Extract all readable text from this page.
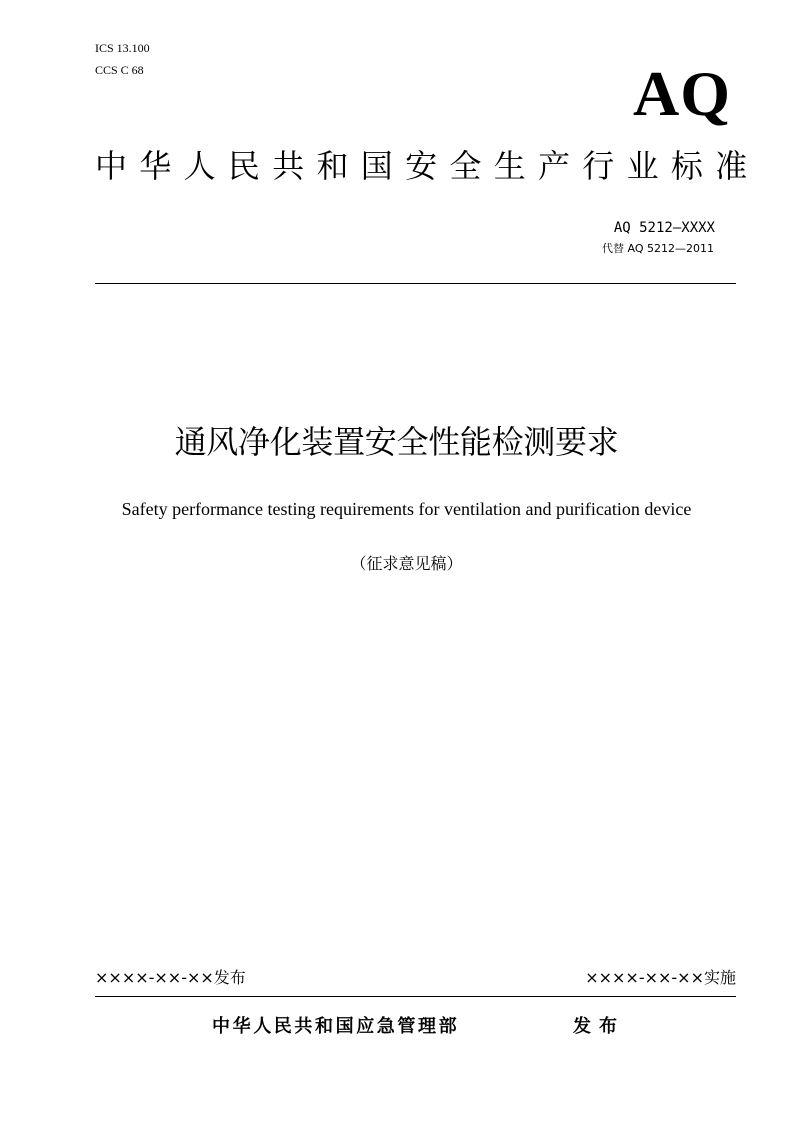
ICS 13.100
CCS C 68	AQ
中华人民共和国安全生产行业标准
AQ 5212—XXXX
代替 AQ 5212—2011
通风净化装置安全性能检测要求
Safety performance testing requirements for ventilation and purification device
（征求意见稿）
××××-××-××发布	××××-××-××实施
中华人民共和国应急管理部	发布
